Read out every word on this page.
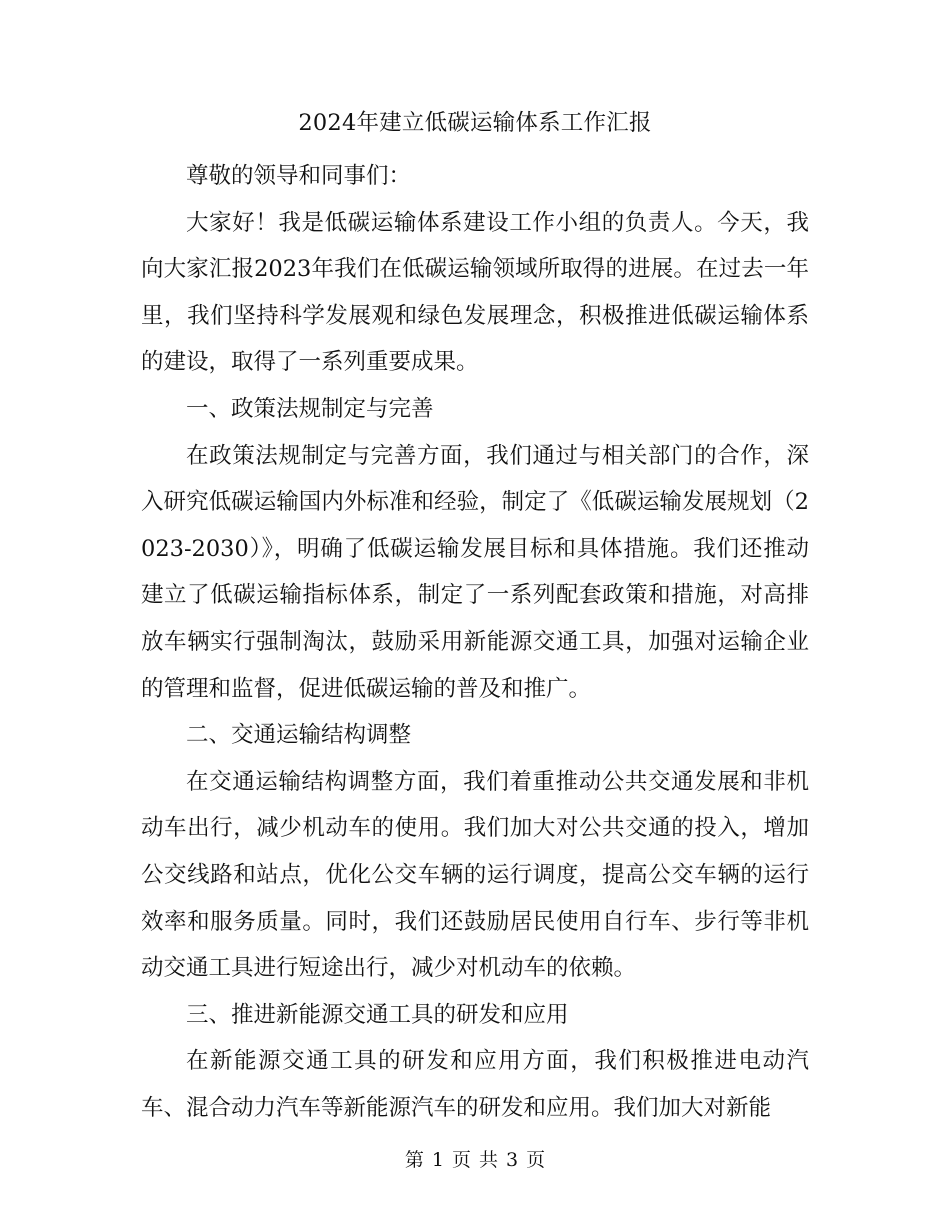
2024年建立低碳运输体系工作汇报

尊敬的领导和同事们：

大家好！我是低碳运输体系建设工作小组的负责人。今天，我向大家汇报2023年我们在低碳运输领域所取得的进展。在过去一年里，我们坚持科学发展观和绿色发展理念，积极推进低碳运输体系的建设，取得了一系列重要成果。

一、政策法规制定与完善

在政策法规制定与完善方面，我们通过与相关部门的合作，深入研究低碳运输国内外标准和经验，制定了《低碳运输发展规划（2023-2030）》，明确了低碳运输发展目标和具体措施。我们还推动建立了低碳运输指标体系，制定了一系列配套政策和措施，对高排放车辆实行强制淘汰，鼓励采用新能源交通工具，加强对运输企业的管理和监督，促进低碳运输的普及和推广。

二、交通运输结构调整

在交通运输结构调整方面，我们着重推动公共交通发展和非机动车出行，减少机动车的使用。我们加大对公共交通的投入，增加公交线路和站点，优化公交车辆的运行调度，提高公交车辆的运行效率和服务质量。同时，我们还鼓励居民使用自行车、步行等非机动交通工具进行短途出行，减少对机动车的依赖。

三、推进新能源交通工具的研发和应用

在新能源交通工具的研发和应用方面，我们积极推进电动汽车、混合动力汽车等新能源汽车的研发和应用。我们加大对新能

第 1 页 共 3 页
